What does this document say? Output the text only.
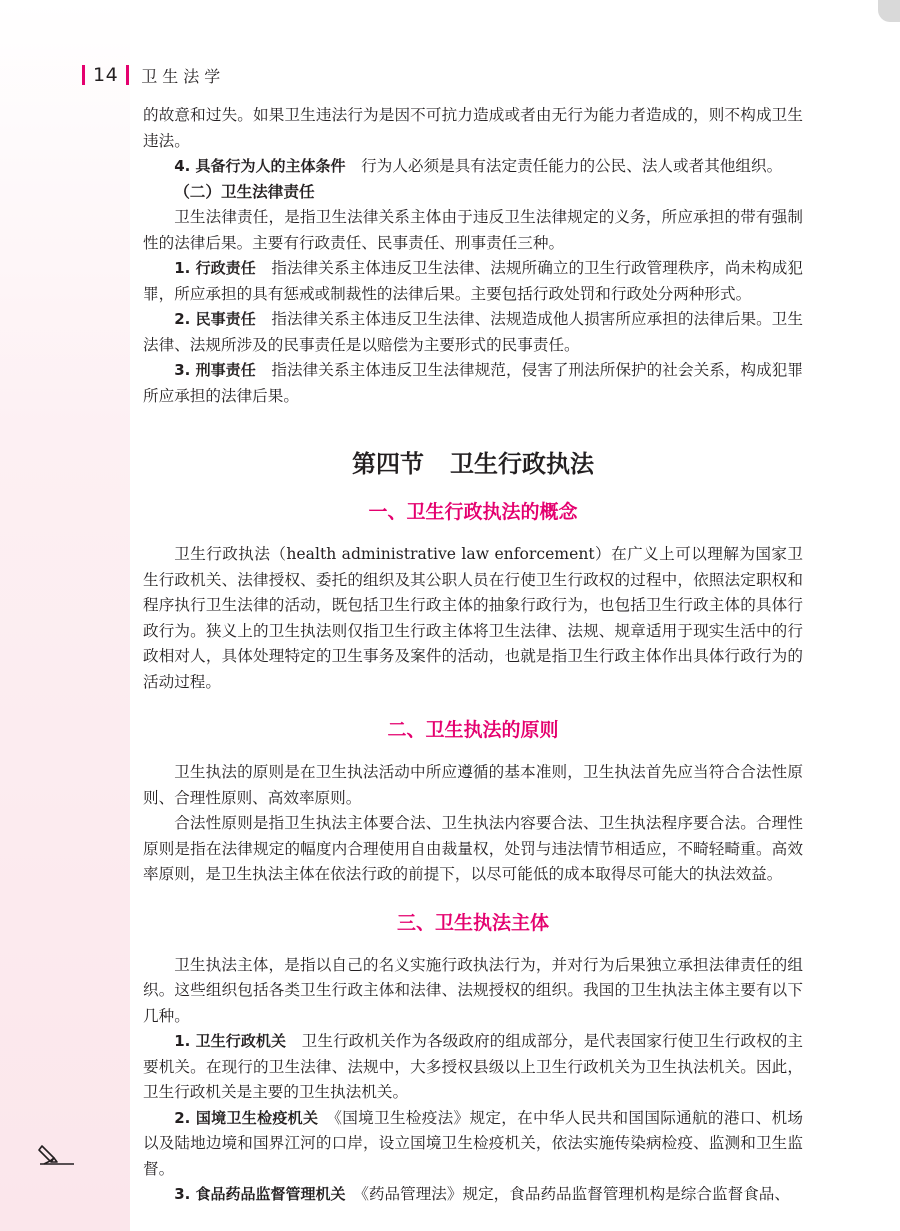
14 卫生法学

的故意和过失。如果卫生违法行为是因不可抗力造成或者由无行为能力者造成的，则不构成卫生违法。

4. 具备行为人的主体条件　行为人必须是具有法定责任能力的公民、法人或者其他组织。

（二）卫生法律责任

卫生法律责任，是指卫生法律关系主体由于违反卫生法律规定的义务，所应承担的带有强制性的法律后果。主要有行政责任、民事责任、刑事责任三种。

1. 行政责任　指法律关系主体违反卫生法律、法规所确立的卫生行政管理秩序，尚未构成犯罪，所应承担的具有惩戒或制裁性的法律后果。主要包括行政处罚和行政处分两种形式。

2. 民事责任　指法律关系主体违反卫生法律、法规造成他人损害所应承担的法律后果。卫生法律、法规所涉及的民事责任是以赔偿为主要形式的民事责任。

3. 刑事责任　指法律关系主体违反卫生法律规范，侵害了刑法所保护的社会关系，构成犯罪所应承担的法律后果。

第四节 卫生行政执法
一、卫生行政执法的概念

卫生行政执法（health administrative law enforcement）在广义上可以理解为国家卫生行政机关、法律授权、委托的组织及其公职人员在行使卫生行政权的过程中，依照法定职权和程序执行卫生法律的活动，既包括卫生行政主体的抽象行政行为，也包括卫生行政主体的具体行政行为。狭义上的卫生执法则仅指卫生行政主体将卫生法律、法规、规章适用于现实生活中的行政相对人，具体处理特定的卫生事务及案件的活动，也就是指卫生行政主体作出具体行政行为的活动过程。

二、卫生执法的原则

卫生执法的原则是在卫生执法活动中所应遵循的基本准则，卫生执法首先应当符合合法性原则、合理性原则、高效率原则。

合法性原则是指卫生执法主体要合法、卫生执法内容要合法、卫生执法程序要合法。合理性原则是指在法律规定的幅度内合理使用自由裁量权，处罚与违法情节相适应，不畸轻畸重。高效率原则，是卫生执法主体在依法行政的前提下，以尽可能低的成本取得尽可能大的执法效益。

三、卫生执法主体

卫生执法主体，是指以自己的名义实施行政执法行为，并对行为后果独立承担法律责任的组织。这些组织包括各类卫生行政主体和法律、法规授权的组织。我国的卫生执法主体主要有以下几种。

1. 卫生行政机关　卫生行政机关作为各级政府的组成部分，是代表国家行使卫生行政权的主要机关。在现行的卫生法律、法规中，大多授权县级以上卫生行政机关为卫生执法机关。因此，卫生行政机关是主要的卫生执法机关。

2. 国境卫生检疫机关　《国境卫生检疫法》规定，在中华人民共和国国际通航的港口、机场以及陆地边境和国界江河的口岸，设立国境卫生检疫机关，依法实施传染病检疫、监测和卫生监督。

3. 食品药品监督管理机关　《药品管理法》规定，食品药品监督管理机构是综合监督食品、
